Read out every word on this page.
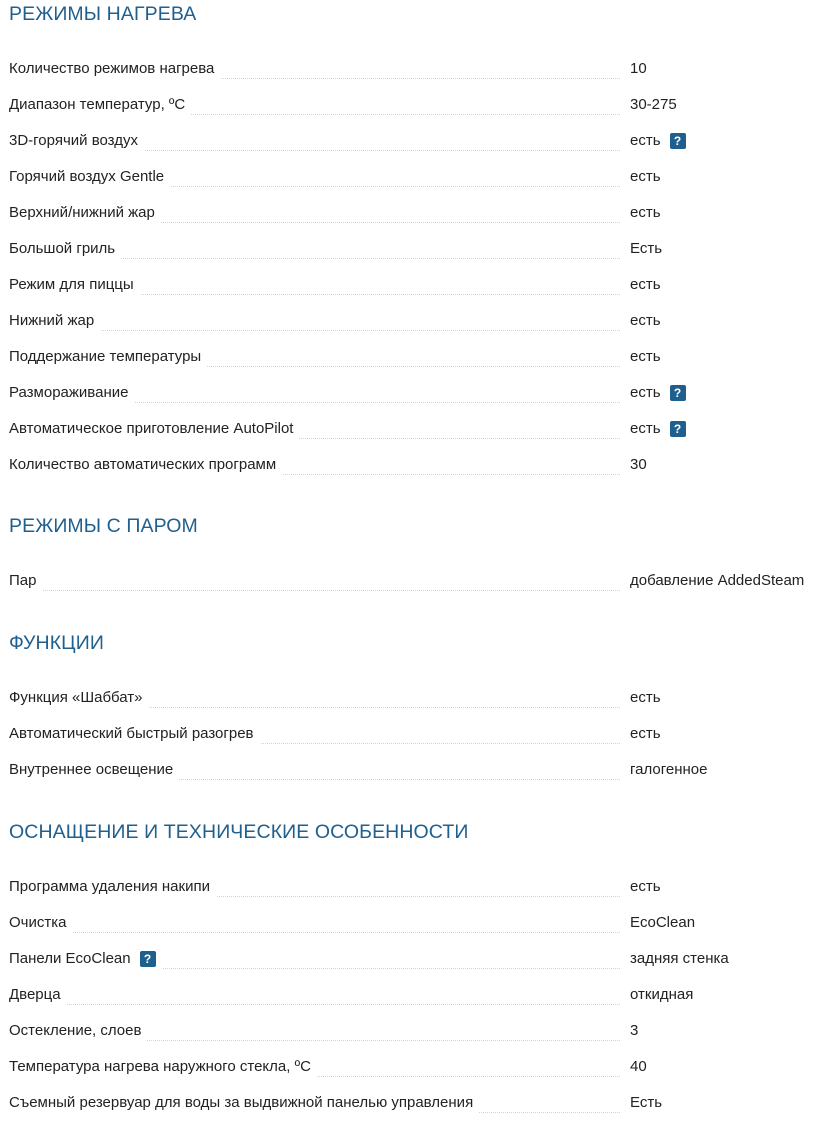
РЕЖИМЫ НАГРЕВА
Количество режимов нагрева	10
Диапазон температур, ºC	30-275
3D-горячий воздух	есть	?
Горячий воздух Gentle	есть
Верхний/нижний жар	есть
Большой гриль	Есть
Режим для пиццы	есть
Нижний жар	есть
Поддержание температуры	есть
Размораживание	есть	?
Автоматическое приготовление AutoPilot	есть	?
Количество автоматических программ	30
РЕЖИМЫ С ПАРОМ
Пар	добавление AddedSteam
ФУНКЦИИ
Функция «Шаббат»	есть
Автоматический быстрый разогрев	есть
Внутреннее освещение	галогенное
ОСНАЩЕНИЕ И ТЕХНИЧЕСКИЕ ОСОБЕННОСТИ
Программа удаления накипи	есть
Очистка	EcoClean
Панели EcoClean	?	задняя стенка
Дверца	откидная
Остекление, слоев	3
Температура нагрева наружного стекла, ºC	40
Съемный резервуар для воды за выдвижной панелью управления	Есть
